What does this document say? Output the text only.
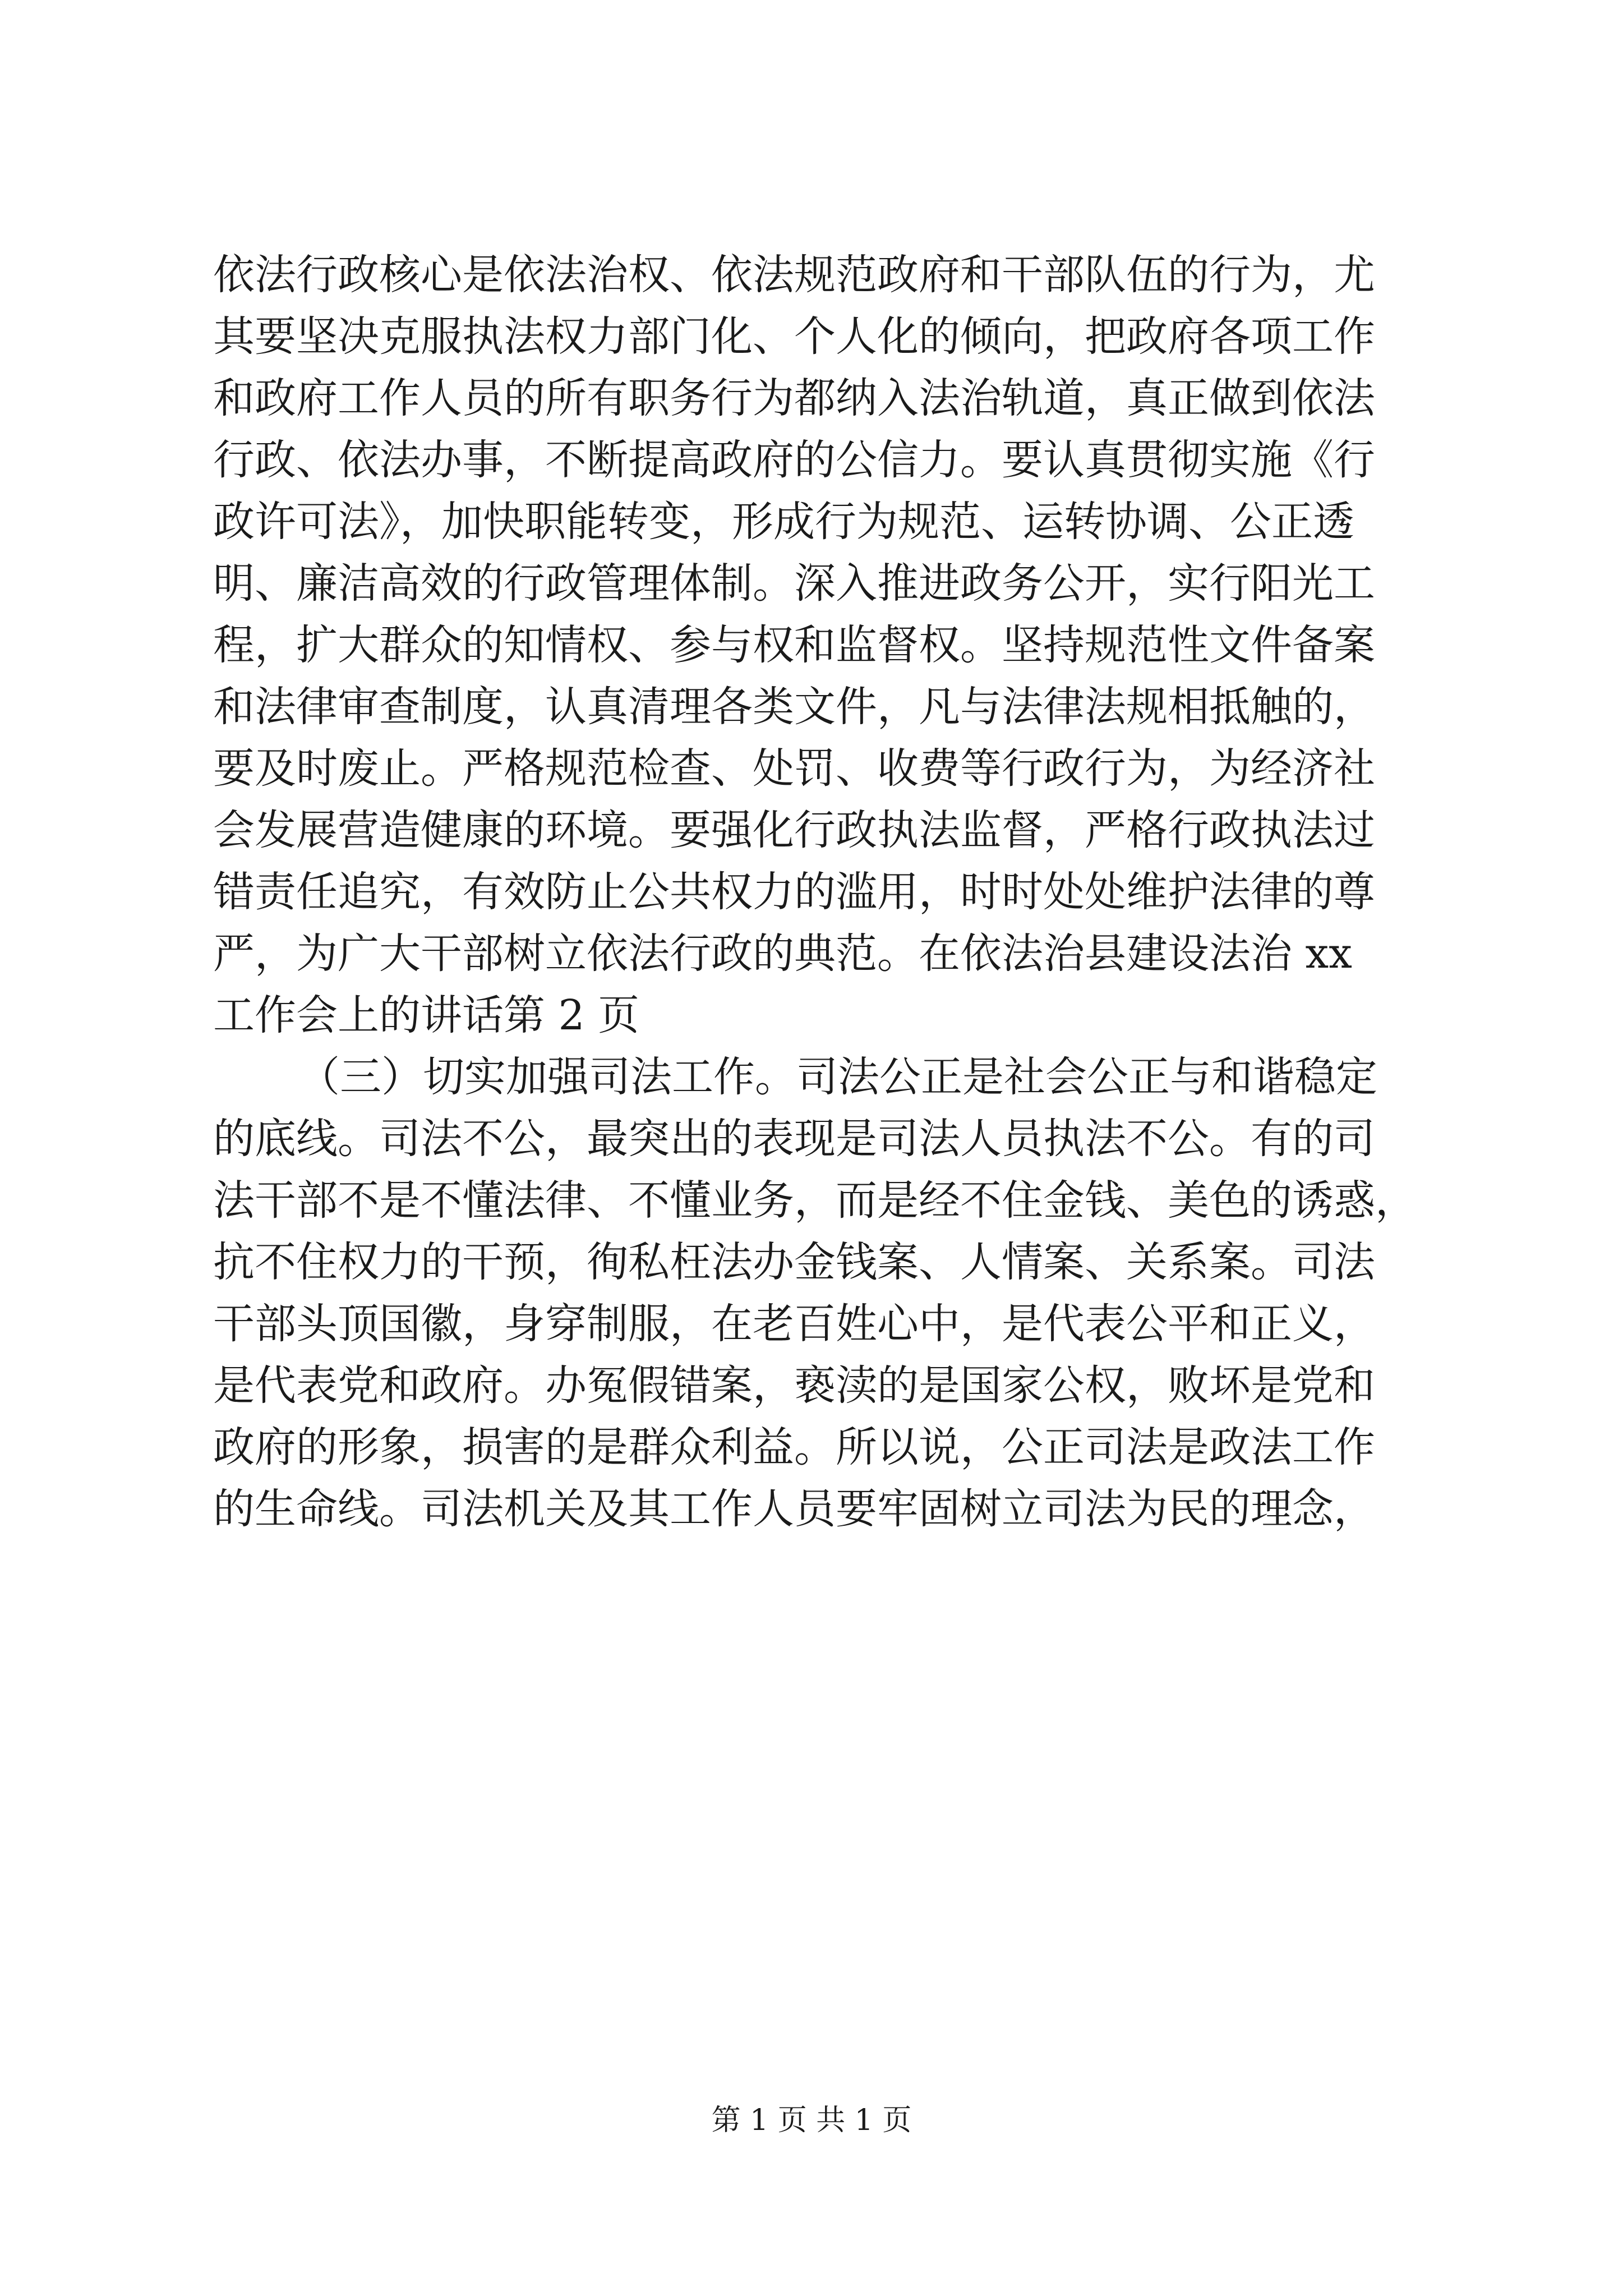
依法行政核心是依法治权、依法规范政府和干部队伍的行为，尤
其要坚决克服执法权力部门化、个人化的倾向，把政府各项工作
和政府工作人员的所有职务行为都纳入法治轨道，真正做到依法
行政、依法办事，不断提高政府的公信力。要认真贯彻实施《行
政许可法》，加快职能转变，形成行为规范、运转协调、公正透
明、廉洁高效的行政管理体制。深入推进政务公开，实行阳光工
程，扩大群众的知情权、参与权和监督权。坚持规范性文件备案
和法律审查制度，认真清理各类文件，凡与法律法规相抵触的，
要及时废止。严格规范检查、处罚、收费等行政行为，为经济社
会发展营造健康的环境。要强化行政执法监督，严格行政执法过
错责任追究，有效防止公共权力的滥用，时时处处维护法律的尊
严，为广大干部树立依法行政的典范。在依法治县建设法治 xx
工作会上的讲话第 2 页
（三）切实加强司法工作。司法公正是社会公正与和谐稳定
的底线。司法不公，最突出的表现是司法人员执法不公。有的司
法干部不是不懂法律、不懂业务，而是经不住金钱、美色的诱惑，
抗不住权力的干预，徇私枉法办金钱案、人情案、关系案。司法
干部头顶国徽，身穿制服，在老百姓心中，是代表公平和正义，
是代表党和政府。办冤假错案，亵渎的是国家公权，败坏是党和
政府的形象，损害的是群众利益。所以说，公正司法是政法工作
的生命线。司法机关及其工作人员要牢固树立司法为民的理念，
第 1 页 共 1 页
